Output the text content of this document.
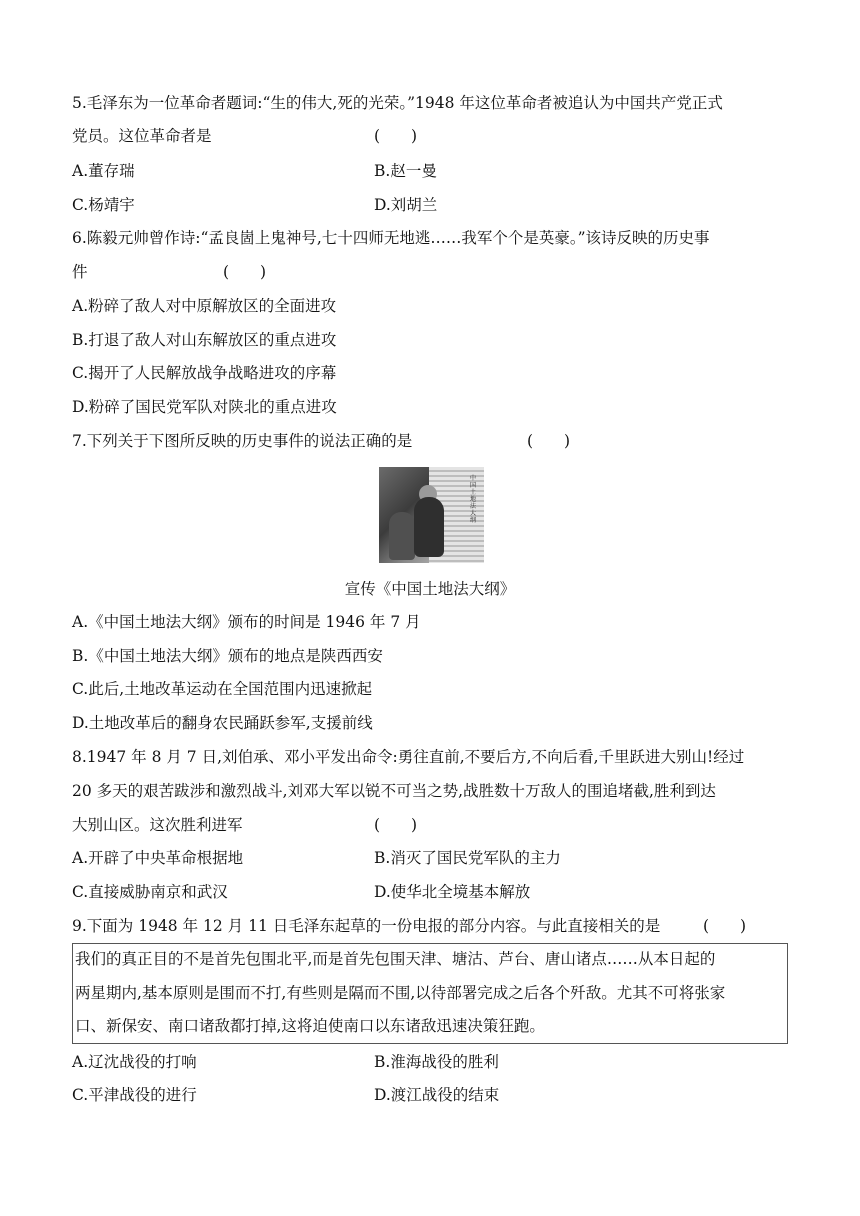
5.毛泽东为一位革命者题词:“生的伟大,死的光荣。”1948 年这位革命者被追认为中国共产党正式
党员。这位革命者是	(　　)
A.董存瑞	B.赵一曼
C.杨靖宇	D.刘胡兰
6.陈毅元帅曾作诗:“孟良崮上鬼神号,七十四师无地逃……我军个个是英豪。”该诗反映的历史事
件	(　　)
A.粉碎了敌人对中原解放区的全面进攻
B.打退了敌人对山东解放区的重点进攻
C.揭开了人民解放战争战略进攻的序幕
D.粉碎了国民党军队对陕北的重点进攻
7.下列关于下图所反映的历史事件的说法正确的是	(　　)
中国土地法大纲
宣传《中国土地法大纲》
A.《中国土地法大纲》颁布的时间是 1946 年 7 月
B.《中国土地法大纲》颁布的地点是陕西西安
C.此后,土地改革运动在全国范围内迅速掀起
D.土地改革后的翻身农民踊跃参军,支援前线
8.1947 年 8 月 7 日,刘伯承、邓小平发出命令:勇往直前,不要后方,不向后看,千里跃进大别山!经过
20 多天的艰苦跋涉和激烈战斗,刘邓大军以锐不可当之势,战胜数十万敌人的围追堵截,胜利到达
大别山区。这次胜利进军	(　　)
A.开辟了中央革命根据地	B.消灭了国民党军队的主力
C.直接威胁南京和武汉	D.使华北全境基本解放
9.下面为 1948 年 12 月 11 日毛泽东起草的一份电报的部分内容。与此直接相关的是	(　　)
我们的真正目的不是首先包围北平,而是首先包围天津、塘沽、芦台、唐山诸点……从本日起的
两星期内,基本原则是围而不打,有些则是隔而不围,以待部署完成之后各个歼敌。尤其不可将张家
口、新保安、南口诸敌都打掉,这将迫使南口以东诸敌迅速决策狂跑。
A.辽沈战役的打响	B.淮海战役的胜利
C.平津战役的进行	D.渡江战役的结束
